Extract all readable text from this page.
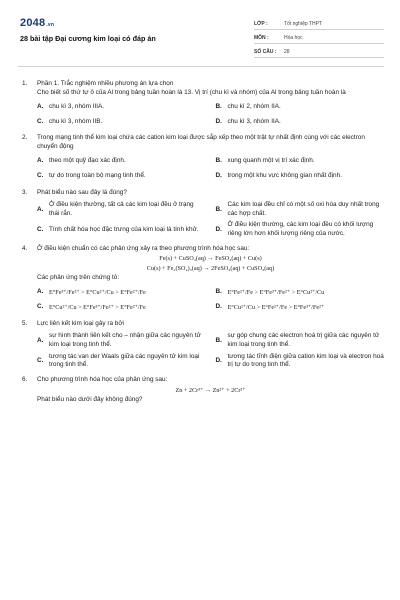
2048.vn
28 bài tập Đại cương kim loại có đáp án
LỚP :	Tốt nghiệp THPT
MÔN :	Hóa học
SỐ CÂU :	28
1.	Phần 1. Trắc nghiệm nhiều phương án lựa chọn
Cho biết số thứ tự ô của Al trong bảng tuần hoàn là 13. Vị trí (chu kì và nhóm) của Al trong bảng tuần hoàn là
A. chu kì 3, nhóm IIIA.	B. chu kì 2, nhóm IIA.
C. chu kì 3, nhóm IIB.	D. chu kì 3, nhóm IIA.
2.	Trong mạng tinh thể kim loại chứa các cation kim loại được sắp xếp theo một trật tự nhất định cùng với các electron chuyển động
A. theo một quỹ đạo xác định.	B. xung quanh một vị trí xác định.
C. tự do trong toàn bộ mạng tinh thể.	D. trong một khu vực không gian nhất định.
3.	Phát biểu nào sau đây là đúng?
A.
Ở điều kiện thường, tất cả các kim loại đều ở trạng thái rắn.
B.
Các kim loại đều chỉ có một số oxi hóa duy nhất trong các hợp chất.
C. Tính chất hóa học đặc trưng của kim loại là tính khử.	D.
Ở điều kiện thường, các kim loại đều có khối lượng riêng lớn hơn khối lượng riêng của nước.
4.	Ở điều kiện chuẩn có các phản ứng xảy ra theo phương trình hóa học sau:
Fe(s) + CuSO₄(aq) → FeSO₄(aq) + Cu(s)
Cu(s) + Fe₂(SO₄)₃(aq) → 2FeSO₄(aq) + CuSO₄(aq)
Các phản ứng trên chứng tỏ:
A. E°Fe³⁺/Fe²⁺ > E°Cu²⁺/Cu > E°Fe²⁺/Fe	B. E°Fe²⁺/Fe > E°Fe³⁺/Fe²⁺ > E°Cu²⁺/Cu
C. E°Cu²⁺/Cu > E°Fe³⁺/Fe²⁺ > E°Fe²⁺/Fe	D. E°Cu²⁺/Cu > E°Fe²⁺/Fe > E°Fe³⁺/Fe²⁺
5.	Lực liên kết kim loại gây ra bởi
A.
sự hình thành liên kết cho – nhận giữa các nguyên tử kim loại trong tinh thể.
B.
sự góp chung các electron hoá trị giữa các nguyên tử kim loại trong tinh thể.
C.
tương tác van der Waals giữa các nguyên tử kim loại trong tinh thể.
D.
tương tác tĩnh điện giữa cation kim loại và electron hoá trị tự do trong tinh thể.
6.	Cho phương trình hóa học của phản ứng sau:
Zn + 2Cr³⁺ → Zn²⁺ + 2Cr²⁺
Phát biểu nào dưới đây không đúng?
